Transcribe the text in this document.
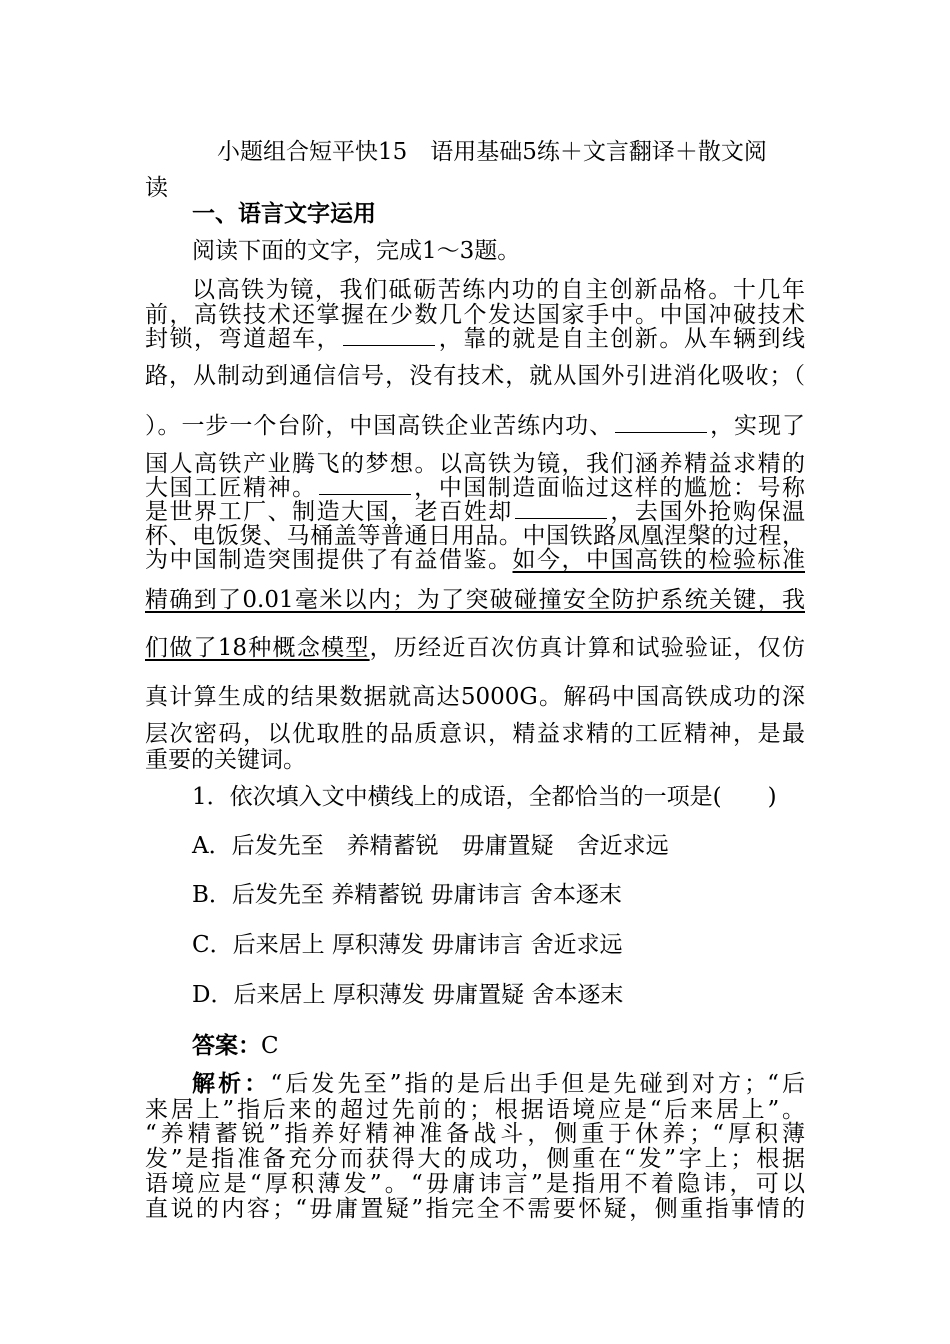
小题组合短平快15　语用基础5练＋文言翻译＋散文阅
读
一、语言文字运用
阅读下面的文字，完成1～3题。
以高铁为镜，我们砥砺苦练内功的自主创新品格。十几年
前，高铁技术还掌握在少数几个发达国家手中。中国冲破技术
封锁，弯道超车，	，靠的就是自主创新。从车辆到线
路，从制动到通信信号，没有技术，就从国外引进消化吸收；（
）。一步一个台阶，中国高铁企业苦练内功、	，实现了
国人高铁产业腾飞的梦想。以高铁为镜，我们涵养精益求精的
大国工匠精神。	，中国制造面临过这样的尴尬：号称
是世界工厂、制造大国，老百姓却	，去国外抢购保温
杯、电饭煲、马桶盖等普通日用品。中国铁路凤凰涅槃的过程，
为中国制造突围提供了有益借鉴。如今，中国高铁的检验标准
精确到了0.01毫米以内；为了突破碰撞安全防护系统关键，我
们做了18种概念模型，历经近百次仿真计算和试验验证，仅仿
真计算生成的结果数据就高达5000G。解码中国高铁成功的深
层次密码，以优取胜的品质意识，精益求精的工匠精神，是最
重要的关键词。
1．依次填入文中横线上的成语，全都恰当的一项是(　　)
A．后发先至　养精蓄锐　毋庸置疑　舍近求远
B．后发先至 养精蓄锐 毋庸讳言 舍本逐末
C．后来居上 厚积薄发 毋庸讳言 舍近求远
D．后来居上 厚积薄发 毋庸置疑 舍本逐末
答案：C
解析：“后发先至”指的是后出手但是先碰到对方；“后
来居上”指后来的超过先前的；根据语境应是“后来居上”。
“养精蓄锐”指养好精神准备战斗，侧重于休养；“厚积薄
发”是指准备充分而获得大的成功，侧重在“发”字上；根据
语境应是“厚积薄发”。“毋庸讳言”是指用不着隐讳，可以
直说的内容；“毋庸置疑”指完全不需要怀疑，侧重指事情的
